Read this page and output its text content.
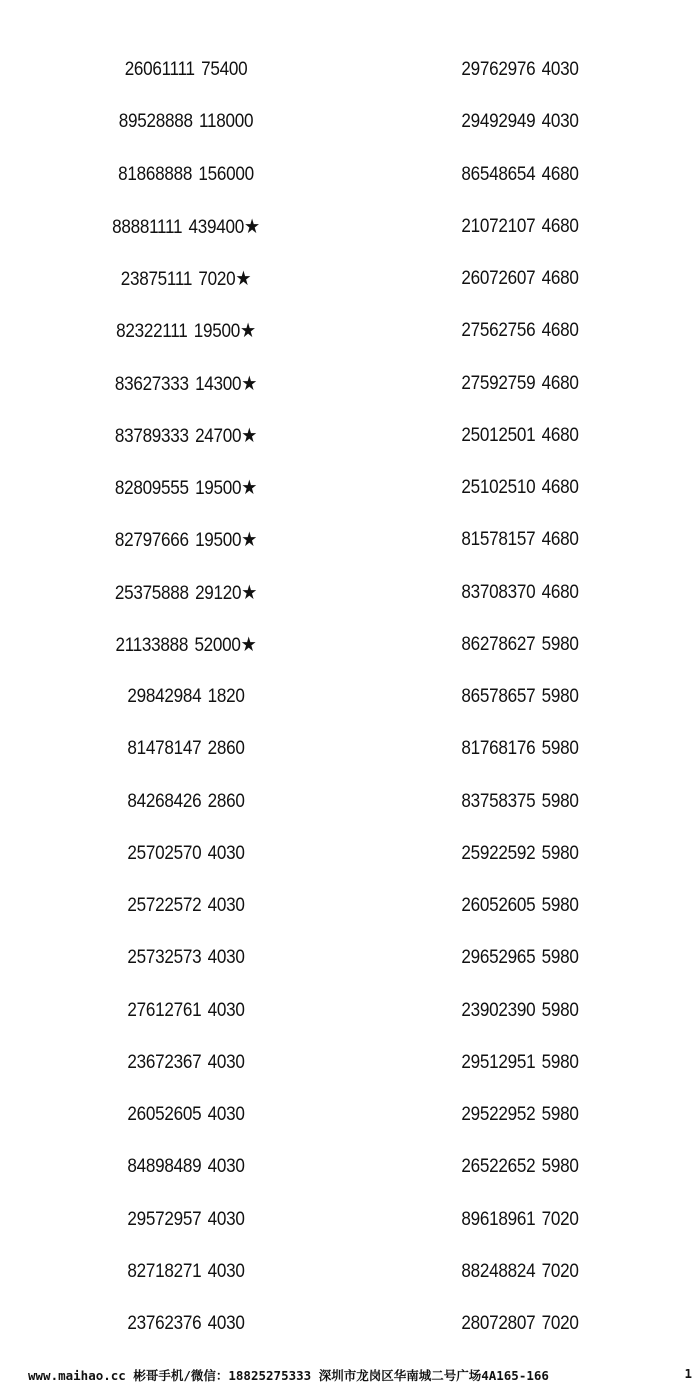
26061111 75400
89528888 118000
81868888 156000
88881111 439400★
23875111 7020★
82322111 19500★
83627333 14300★
83789333 24700★
82809555 19500★
82797666 19500★
25375888 29120★
21133888 52000★
29842984 1820
81478147 2860
84268426 2860
25702570 4030
25722572 4030
25732573 4030
27612761 4030
23672367 4030
26052605 4030
84898489 4030
29572957 4030
82718271 4030
23762376 4030
29762976 4030
29492949 4030
86548654 4680
21072107 4680
26072607 4680
27562756 4680
27592759 4680
25012501 4680
25102510 4680
81578157 4680
83708370 4680
86278627 5980
86578657 5980
81768176 5980
83758375 5980
25922592 5980
26052605 5980
29652965 5980
23902390 5980
29512951 5980
29522952 5980
26522652 5980
89618961 7020
88248824 7020
28072807 7020
www.maihao.cc 彬哥手机/微信：18825275333 深圳市龙岗区华南城二号广场4A165-166	1
